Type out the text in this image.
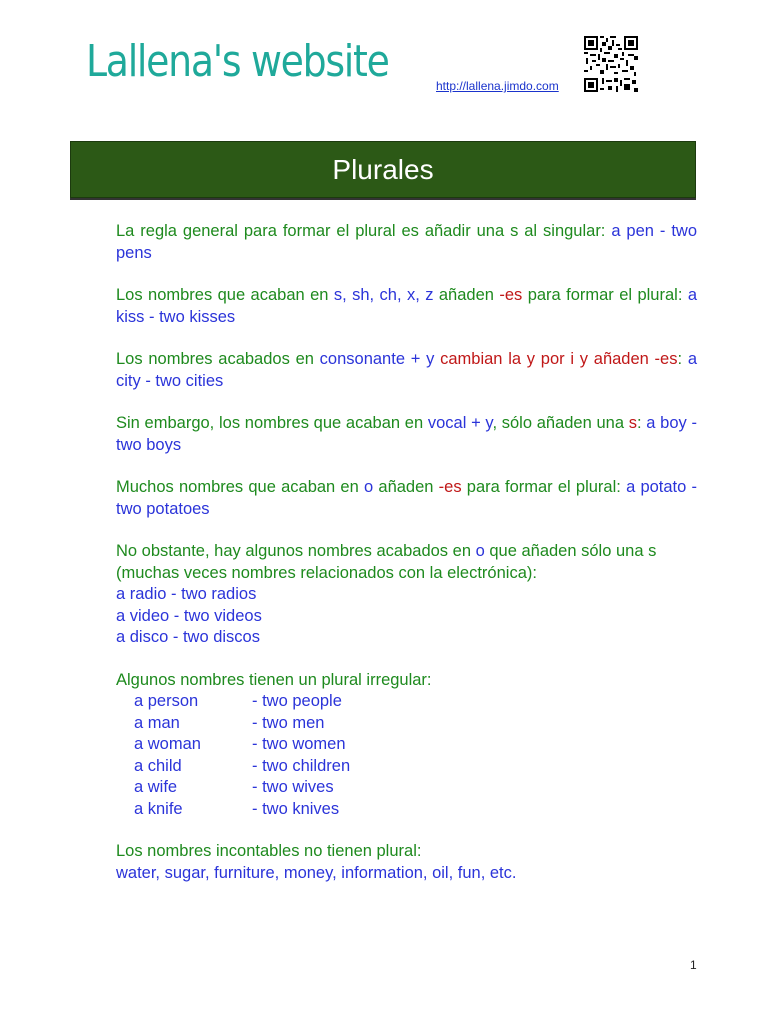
Lallena's website	http://lallena.jimdo.com
Plurales

La regla general para formar el plural es añadir una s al singular: a pen - two pens

Los nombres que acaban en s, sh, ch, x, z añaden -es para formar el plural: a kiss - two kisses

Los nombres acabados en consonante + y cambian la y por i y añaden -es: a city - two cities

Sin embargo, los nombres que acaban en vocal + y, sólo añaden una s: a boy - two boys

Muchos nombres que acaban en o añaden -es para formar el plural: a potato - two potatoes

No obstante, hay algunos nombres acabados en o que añaden sólo una s
(muchas veces nombres relacionados con la electrónica):
a radio - two radios
a video - two videos
a disco - two discos

Algunos nombres tienen un plural irregular:

a person	- two people
a man	- two men
a woman	- two women
a child	- two children
a wife	- two wives
a knife	- two knives

Los nombres incontables no tienen plural:
water, sugar, furniture, money, information, oil, fun, etc.

1
